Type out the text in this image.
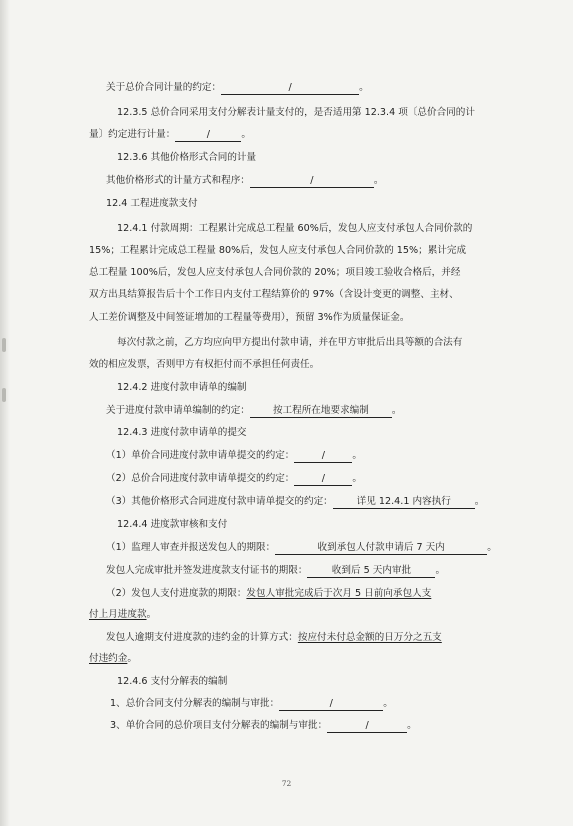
关于总价合同计量的约定：	/	。
12.3.5 总价合同采用支付分解表计量支付的，是否适用第 12.3.4 项〔总价合同的计
量〕约定进行计量：	/	。
12.3.6 其他价格形式合同的计量
其他价格形式的计量方式和程序：	/	。
12.4 工程进度款支付
12.4.1 付款周期：工程累计完成总工程量 60%后，发包人应支付承包人合同价款的
15%；工程累计完成总工程量 80%后，发包人应支付承包人合同价款的 15%；累计完成
总工程量 100%后，发包人应支付承包人合同价款的 20%；项目竣工验收合格后，并经
双方出具结算报告后十个工作日内支付工程结算价的 97%（含设计变更的调整、主材、
人工差价调整及中间签证增加的工程量等费用），预留 3%作为质量保证金。
每次付款之前，乙方均应向甲方提出付款申请，并在甲方审批后出具等额的合法有
效的相应发票，否则甲方有权拒付而不承担任何责任。
12.4.2 进度付款申请单的编制
关于进度付款申请单编制的约定： 按工程所在地要求编制 。
12.4.3 进度付款申请单的提交
（1）单价合同进度付款申请单提交的约定：	/	。
（2）总价合同进度付款申请单提交的约定：	/	。
（3）其他价格形式合同进度付款申请单提交的约定： 详见 12.4.1 内容执行 。
12.4.4 进度款审核和支付
（1）监理人审查并报送发包人的期限：	收到承包人付款申请后 7 天内	。
发包人完成审批并签发进度款支付证书的期限：	收到后 5 天内审批	。
（2）发包人支付进度款的期限：发包人审批完成后于次月 5 日前向承包人支
付上月进度款。
发包人逾期支付进度款的违约金的计算方式：按应付未付总金额的日万分之五支
付违约金。
12.4.6 支付分解表的编制
1、总价合同支付分解表的编制与审批：	/	。
3、单价合同的总价项目支付分解表的编制与审批：	/	。
72
